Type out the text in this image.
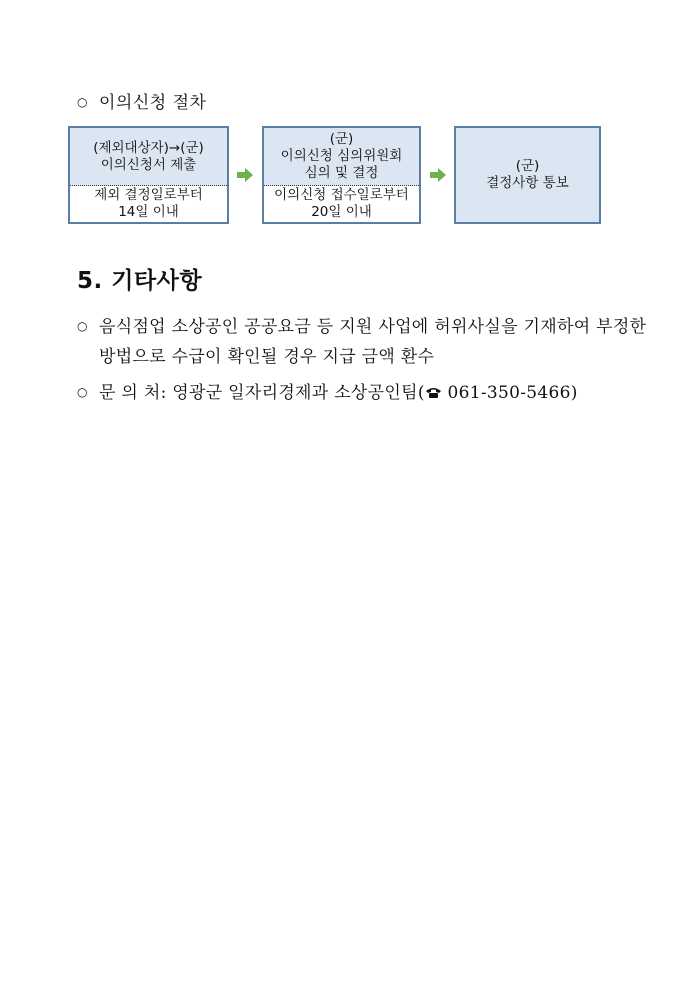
○ 이의신청 절차
(제외대상자)→(군)
이의신청서 제출
제외 결정일로부터
14일 이내
(군)
이의신청 심의위원회
심의 및 결정
이의신청 접수일로부터
20일 이내
(군)
결정사항 통보
5. 기타사항
○ 음식점업 소상공인 공공요금 등 지원 사업에 허위사실을 기재하여 부정한
방법으로 수급이 확인될 경우 지급 금액 환수
○ 문 의 처: 영광군 일자리경제과 소상공인팀( 061-350-5466)
